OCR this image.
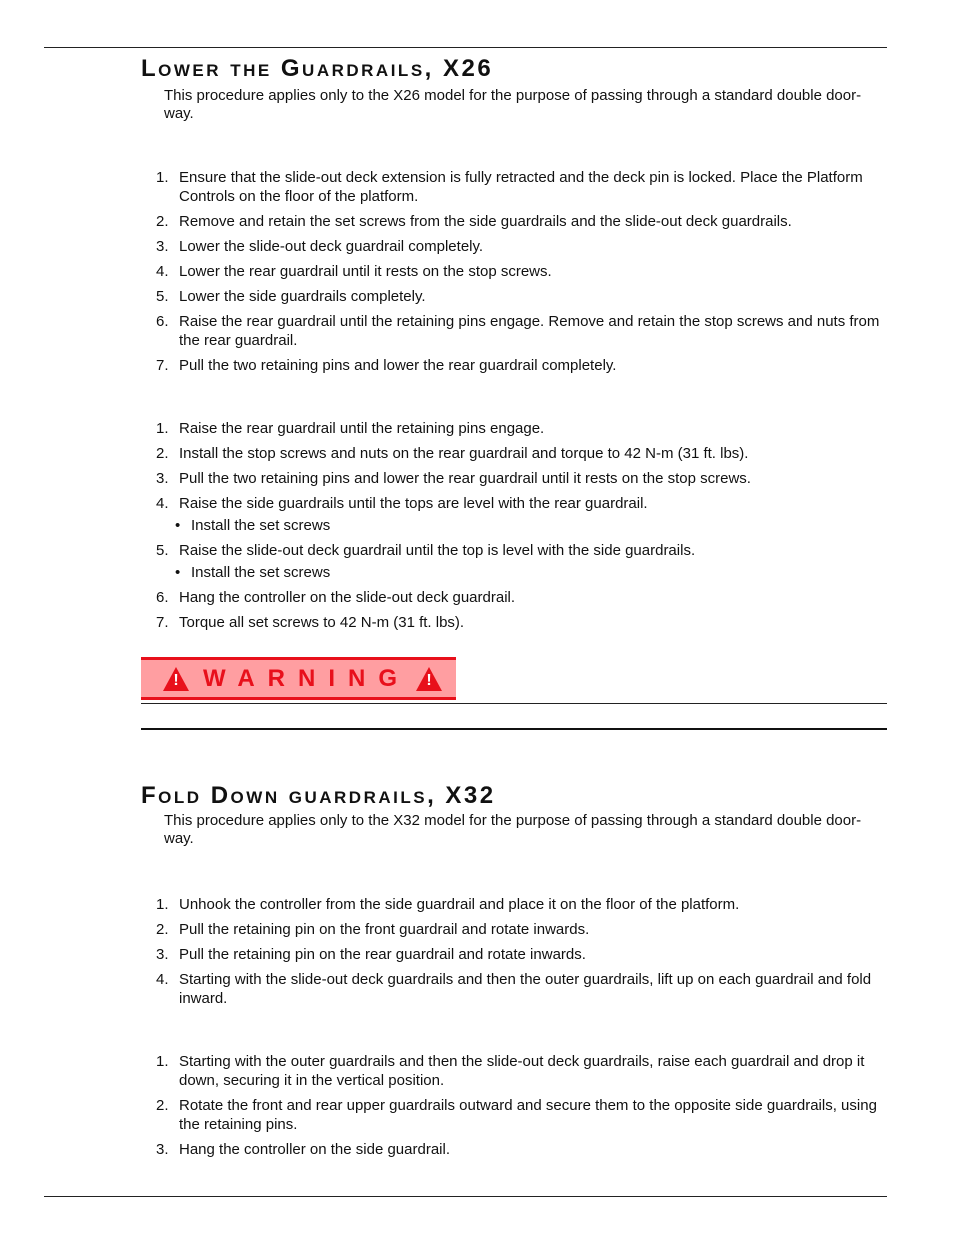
Lower the Guardrails, X26

This procedure applies only to the X26 model for the purpose of passing through a standard double door-way.

1. Ensure that the slide-out deck extension is fully retracted and the deck pin is locked. Place the Platform Controls on the floor of the platform.
2. Remove and retain the set screws from the side guardrails and the slide-out deck guardrails.
3. Lower the slide-out deck guardrail completely.
4. Lower the rear guardrail until it rests on the stop screws.
5. Lower the side guardrails completely.
6. Raise the rear guardrail until the retaining pins engage. Remove and retain the stop screws and nuts from the rear guardrail.
7. Pull the two retaining pins and lower the rear guardrail completely.
1. Raise the rear guardrail until the retaining pins engage.
2. Install the stop screws and nuts on the rear guardrail and torque to 42 N-m (31 ft. lbs).
3. Pull the two retaining pins and lower the rear guardrail until it rests on the stop screws.
4. Raise the side guardrails until the tops are level with the rear guardrail.
• Install the set screws
5. Raise the slide-out deck guardrail until the top is level with the side guardrails.
• Install the set screws
6. Hang the controller on the slide-out deck guardrail.
7. Torque all set screws to 42 N-m (31 ft. lbs).
! WARNING !
Fold Down guardrails, X32

This procedure applies only to the X32 model for the purpose of passing through a standard double door-way.

1. Unhook the controller from the side guardrail and place it on the floor of the platform.
2. Pull the retaining pin on the front guardrail and rotate inwards.
3. Pull the retaining pin on the rear guardrail and rotate inwards.
4. Starting with the slide-out deck guardrails and then the outer guardrails, lift up on each guardrail and fold inward.
1. Starting with the outer guardrails and then the slide-out deck guardrails, raise each guardrail and drop it down, securing it in the vertical position.
2. Rotate the front and rear upper guardrails outward and secure them to the opposite side guardrails, using the retaining pins.
3. Hang the controller on the side guardrail.
